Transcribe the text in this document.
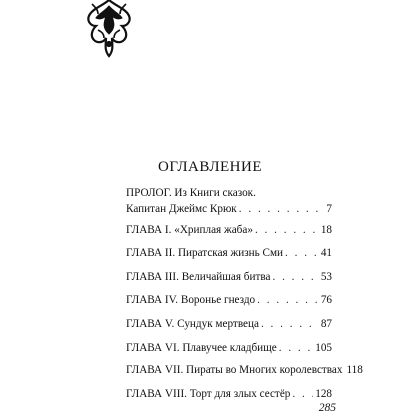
ОГЛАВЛЕНИЕ
ПРОЛОГ. Из Книги сказок.
Капитан Джеймс Крюк . . .	7
ГЛАВА I. «Хриплая жаба» . . .	18
ГЛАВА II. Пиратская жизнь Сми . . .	41
ГЛАВА III. Величайшая битва . . .	53
ГЛАВА IV. Воронье гнездо . . .	76
ГЛАВА V. Сундук мертвеца . . .	87
ГЛАВА VI. Плавучее кладбище . . .	105
ГЛАВА VII. Пираты во Многих королевствах 118
ГЛАВА VIII. Торт для злых сестёр . . . 128
285
